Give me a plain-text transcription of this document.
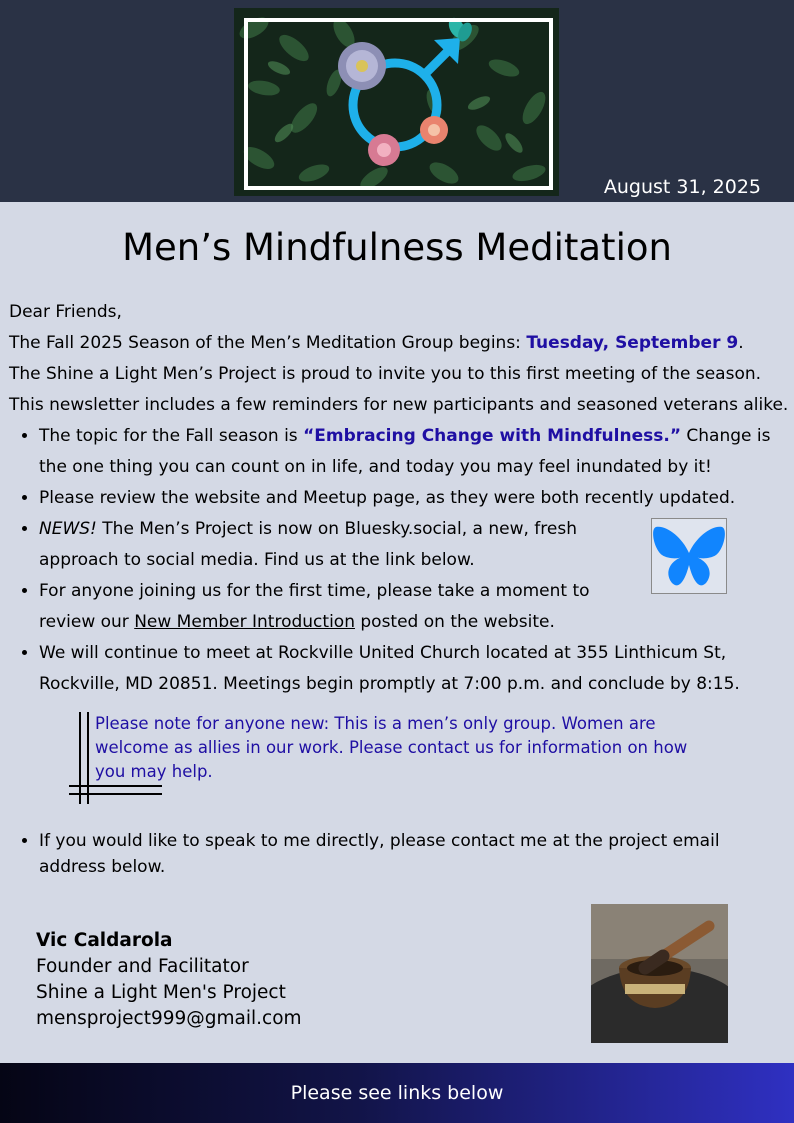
August 31, 2025
Men’s Mindfulness Meditation

Dear Friends,

The Fall 2025 Season of the Men’s Meditation Group begins: Tuesday, September 9.

The Shine a Light Men’s Project is proud to invite you to this first meeting of the season.

This newsletter includes a few reminders for new participants and seasoned veterans alike.

• The topic for the Fall season is “Embracing Change with Mindfulness.” Change is the one thing you can count on in life, and today you may feel inundated by it!
• Please review the website and Meetup page, as they were both recently updated.
• NEWS! The Men’s Project is now on Bluesky.social, a new, fresh approach to social media. Find us at the link below.
• For anyone joining us for the first time, please take a moment to review our New Member Introduction posted on the website.
• We will continue to meet at Rockville United Church located at 355 Linthicum St, Rockville, MD 20851. Meetings begin promptly at 7:00 p.m. and conclude by 8:15.
Please note for anyone new: This is a men’s only group. Women are welcome as allies in our work. Please contact us for information on how you may help.
• If you would like to speak to me directly, please contact me at the project email address below.
Vic Caldarola
Founder and Facilitator
Shine a Light Men's Project
mensproject999@gmail.com
Please see links below
